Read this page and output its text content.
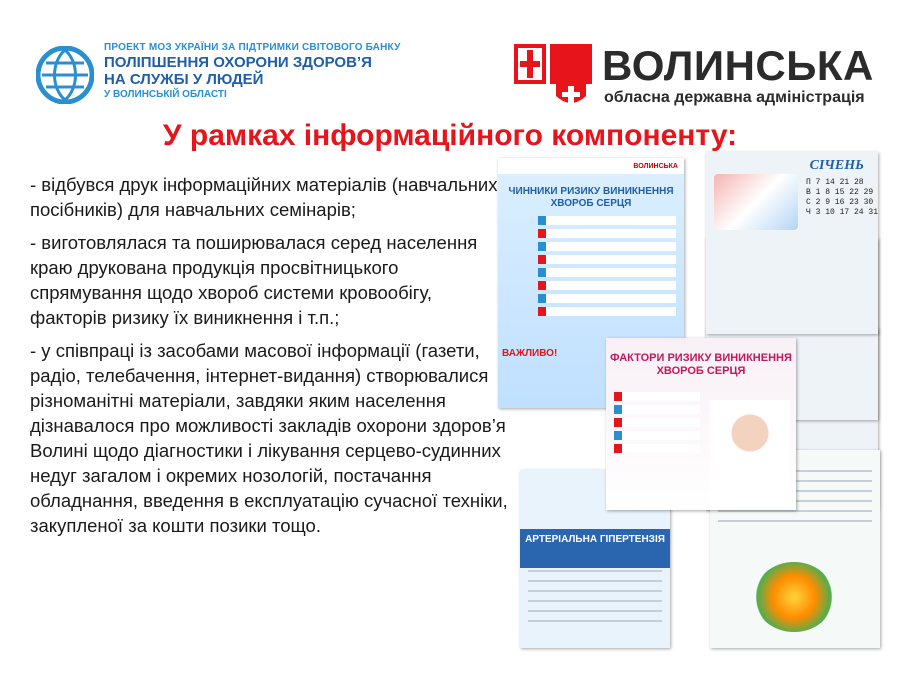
ПРОЕКТ МОЗ УКРАЇНИ ЗА ПІДТРИМКИ СВІТОВОГО БАНКУ
ПОЛІПШЕННЯ ОХОРОНИ ЗДОРОВ’Я
НА СЛУЖБІ У ЛЮДЕЙ
У ВОЛИНСЬКІЙ ОБЛАСТІ
ВОЛИНСЬКА
обласна державна адміністрація
У рамках інформаційного компоненту:

- відбувся друк інформаційних матеріалів (навчальних посібників) для навчальних семінарів;

- виготовлялася та поширювалася серед населення краю друкована продукція просвітницького спрямування щодо хвороб системи кровообігу, факторів ризику їх виникнення і т.п.;

- у співпраці із засобами масової інформації (газети, радіо, телебачення, інтернет-видання) створювалися різноманітні матеріали, завдяки яким населення дізнавалося про можливості закладів охорони здоров’я Волині щодо діагностики і лікування серцево-судинних недуг загалом і окремих нозологій, постачання обладнання, введення в експлуатацію сучасної техніки, закупленої за кошти позики тощо.

СІЧЕНЬ
П 7 14 21 28
В 1 8 15 22 29
С 2 9 16 23 30
Ч 3 10 17 24 31
ВОЛИНСЬКА
ЧИННИКИ РИЗИКУ ВИНИКНЕННЯ ХВОРОБ СЕРЦЯ
ВАЖЛИВО!
АРТЕРІАЛЬНА ГІПЕРТЕНЗІЯ
ФАКТОРИ РИЗИКУ ВИНИКНЕННЯ ХВОРОБ СЕРЦЯ
